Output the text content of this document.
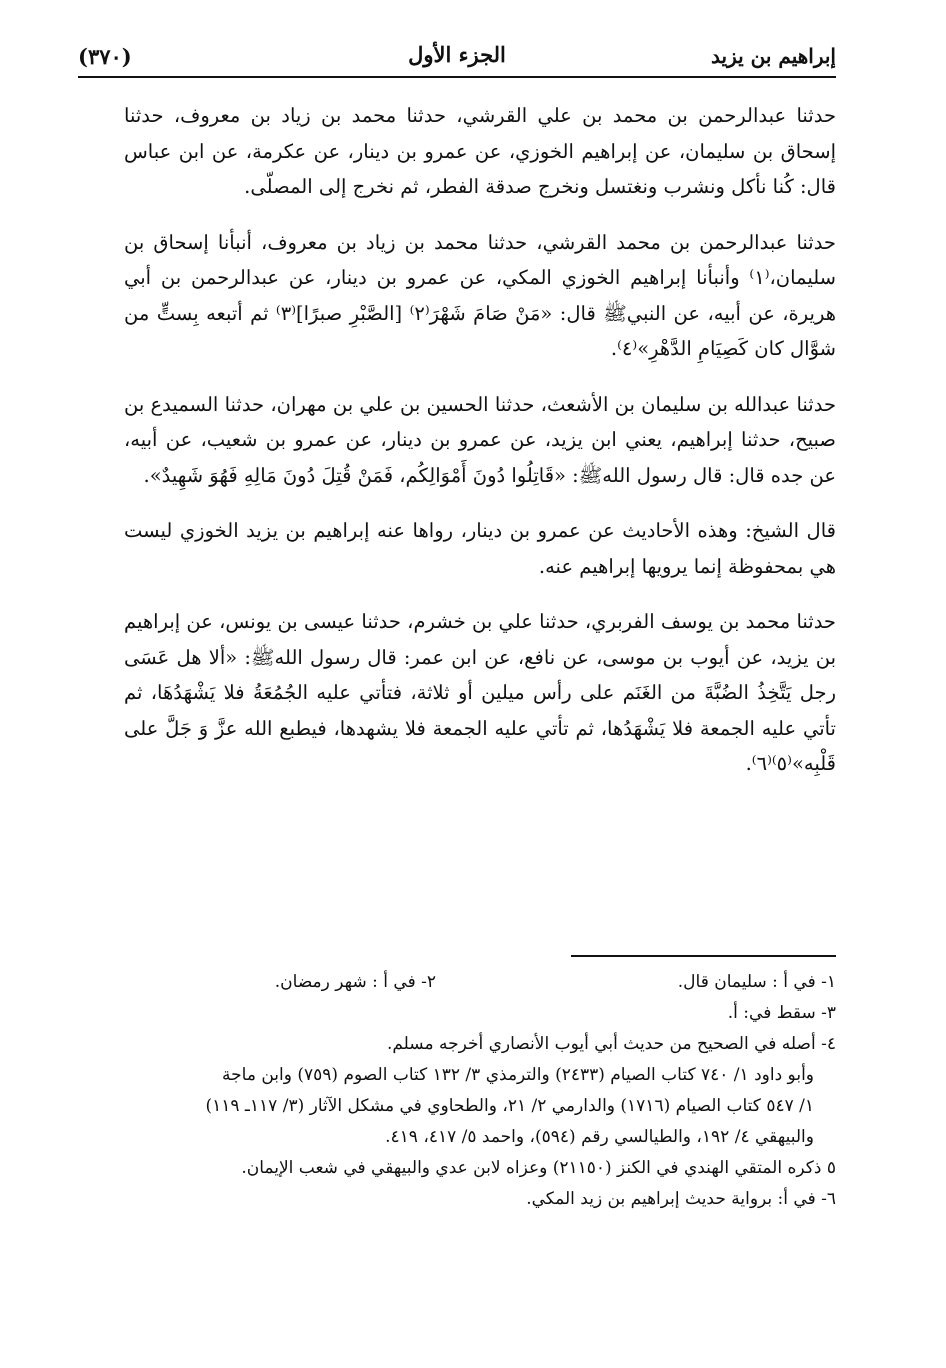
(٣٧٠)	الجزء الأول	إبراهيم بن يزيد

حدثنا عبدالرحمن بن محمد بن علي القرشي، حدثنا محمد بن زياد بن معروف، حدثنا إسحاق بن سليمان، عن إبراهيم الخوزي، عن عمرو بن دينار، عن عكرمة، عن ابن عباس قال: كُنا نأكل ونشرب ونغتسل ونخرج صدقة الفطر، ثم نخرج إلى المصلّى.

حدثنا عبدالرحمن بن محمد القرشي، حدثنا محمد بن زياد بن معروف، أنبأنا إسحاق بن سليمان،⁽١⁾ وأنبأنا إبراهيم الخوزي المكي، عن عمرو بن دينار، عن عبدالرحمن بن أبي هريرة، عن أبيه، عن النبيﷺ قال: «مَنْ صَامَ شَهْرَ⁽٢⁾ [الصَّبْرِ صبرًا]⁽٣⁾ ثم أتبعه بِستٍّ من شوَّال كان كَصِيَامِ الدَّهْرِ»⁽٤⁾.

حدثنا عبدالله بن سليمان بن الأشعث، حدثنا الحسين بن علي بن مهران، حدثنا السميدع بن صبيح، حدثنا إبراهيم، يعني ابن يزيد، عن عمرو بن دينار، عن عمرو بن شعيب، عن أبيه، عن جده قال: قال رسول اللهﷺ: «قَاتِلُوا دُونَ أَمْوَالِكُم، فَمَنْ قُتِلَ دُونَ مَالِهِ فَهُوَ شَهِيدٌ».

قال الشيخ: وهذه الأحاديث عن عمرو بن دينار، رواها عنه إبراهيم بن يزيد الخوزي ليست هي بمحفوظة إنما يرويها إبراهيم عنه.

حدثنا محمد بن يوسف الفربري، حدثنا علي بن خشرم، حدثنا عيسى بن يونس، عن إبراهيم بن يزيد، عن أيوب بن موسى، عن نافع، عن ابن عمر: قال رسول اللهﷺ: «ألا هل عَسَى رجل يَتَّخِذُ الضُبَّةَ من الغَنَم على رأس ميلين أو ثلاثة، فتأتي عليه الجُمُعَةُ فلا يَشْهَدُهَا، ثم تأتي عليه الجمعة فلا يَشْهَدُها، ثم تأتي عليه الجمعة فلا يشهدها، فيطبع الله عزَّ وَ جَلَّ على قَلْبِه»⁽٥⁾⁽٦⁾.

١- في أ : سليمان قال.
٢- في أ : شهر رمضان.
٣- سقط في: أ.
٤- أصله في الصحيح من حديث أبي أيوب الأنصاري أخرجه مسلم.
وأبو داود ١/ ٧٤٠ كتاب الصيام (٢٤٣٣) والترمذي ٣/ ١٣٢ كتاب الصوم (٧٥٩) وابن ماجة
١/ ٥٤٧ كتاب الصيام (١٧١٦) والدارمي ٢/ ٢١، والطحاوي في مشكل الآثار (٣/ ١١٧ـ ١١٩)
والبيهقي ٤/ ١٩٢، والطيالسي رقم (٥٩٤)، واحمد ٥/ ٤١٧، ٤١٩.
٥ ذكره المتقي الهندي في الكنز (٢١١٥٠) وعزاه لابن عدي والبيهقي في شعب الإيمان.
٦- في أ: برواية حديث إبراهيم بن زيد المكي.
